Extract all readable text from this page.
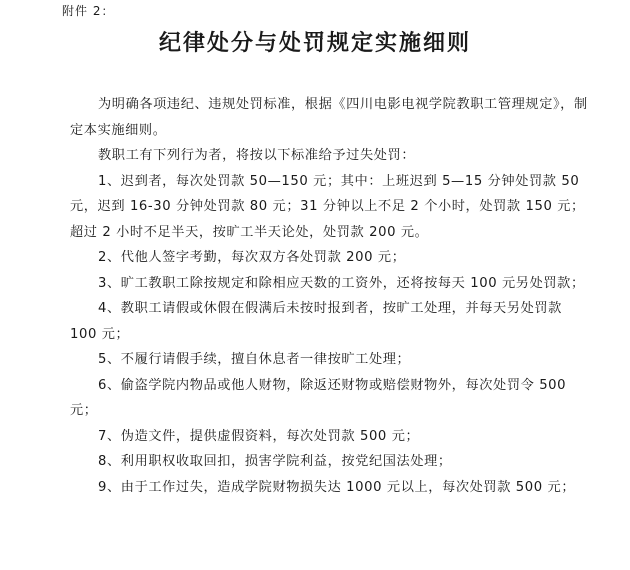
附件 2：
纪律处分与处罚规定实施细则

为明确各项违纪、违规处罚标准，根据《四川电影电视学院教职工管理规定》，制定本实施细则。

教职工有下列行为者，将按以下标准给予过失处罚：

1、迟到者，每次处罚款 50—150 元；其中：上班迟到 5—15 分钟处罚款 50 元，迟到 16-30 分钟处罚款 80 元；31 分钟以上不足 2 个小时，处罚款 150 元；超过 2 小时不足半天，按旷工半天论处，处罚款 200 元。

2、代他人签字考勤，每次双方各处罚款 200 元；

3、旷工教职工除按规定和除相应天数的工资外，还将按每天 100 元另处罚款；

4、教职工请假或休假在假满后未按时报到者，按旷工处理，并每天另处罚款 100 元；

5、不履行请假手续，擅自休息者一律按旷工处理；

6、偷盗学院内物品或他人财物，除返还财物或赔偿财物外，每次处罚令 500 元；

7、伪造文件，提供虚假资料，每次处罚款 500 元；

8、利用职权收取回扣，损害学院利益，按党纪国法处理；

9、由于工作过失，造成学院财物损失达 1000 元以上，每次处罚款 500 元；
